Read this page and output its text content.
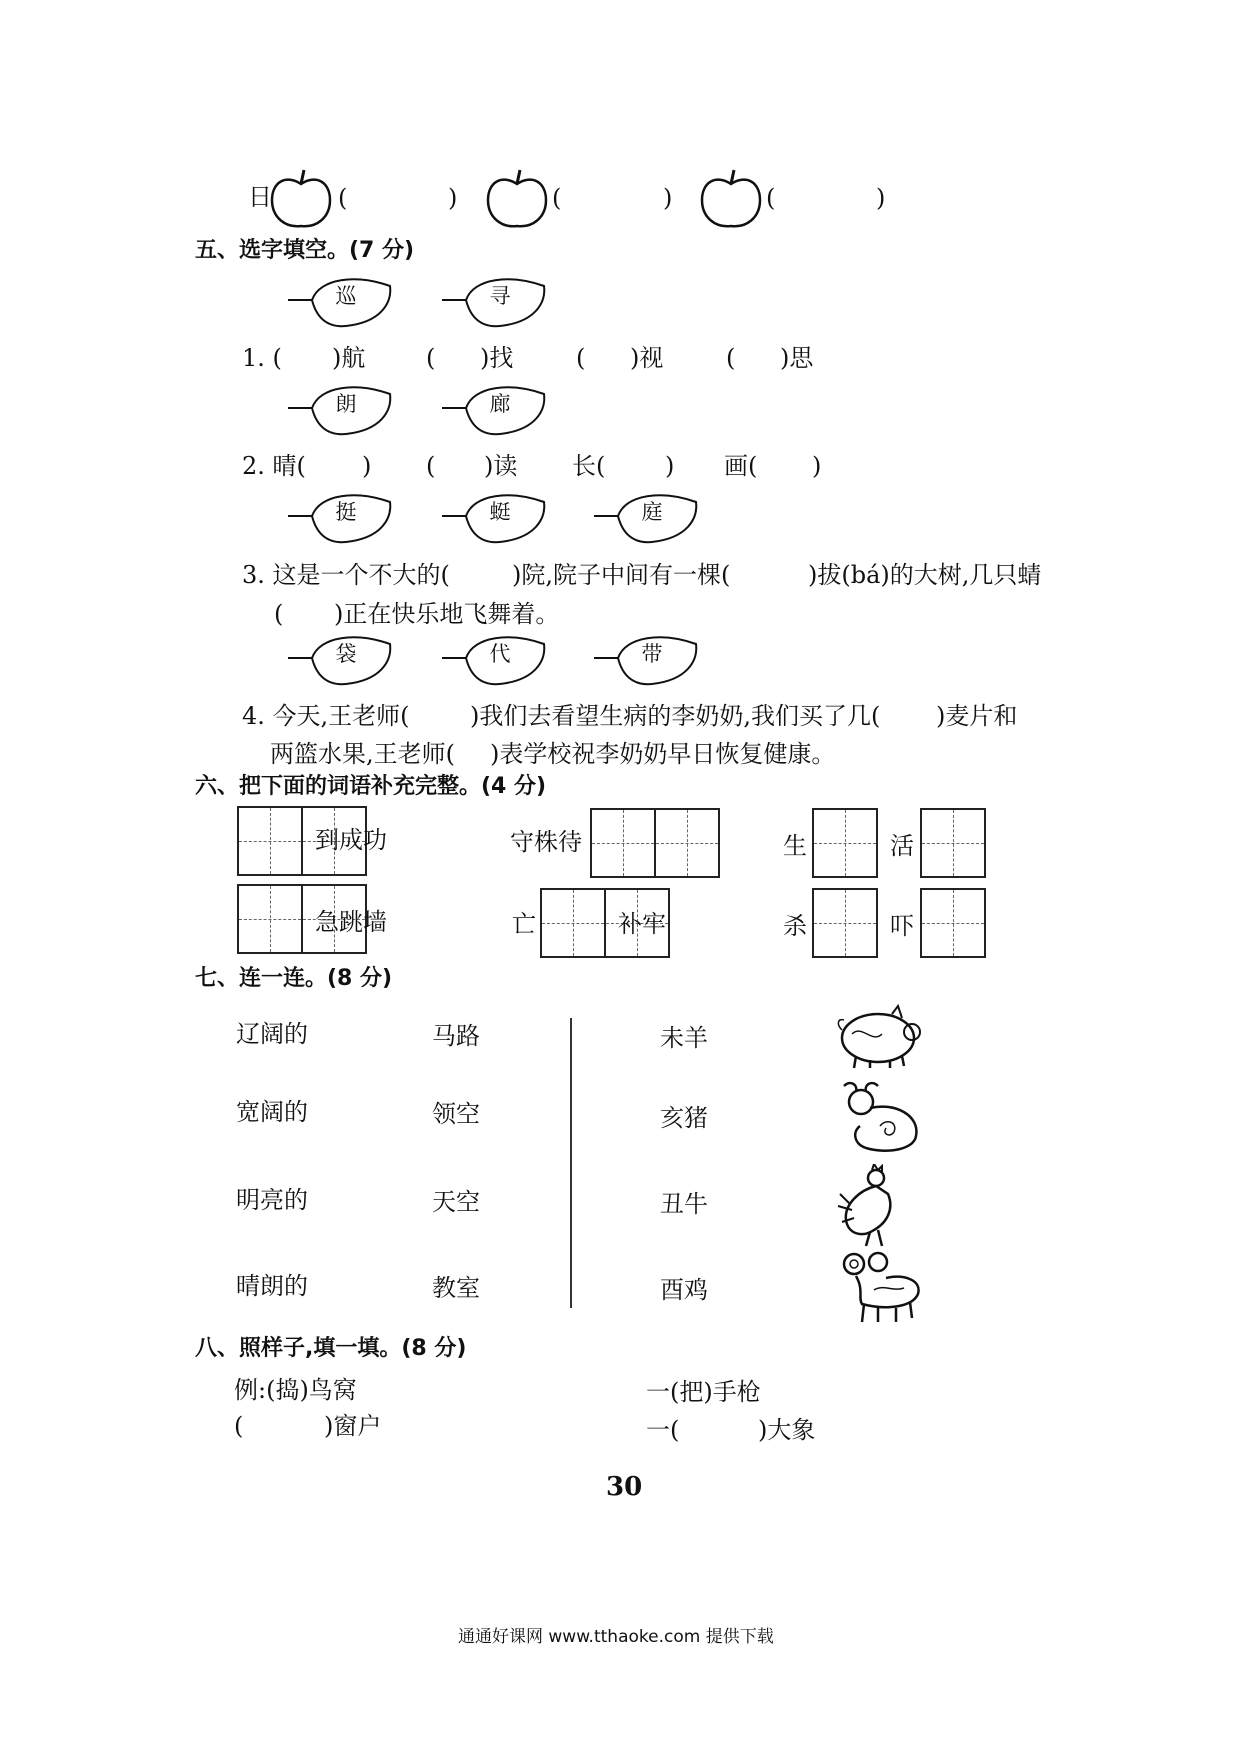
日	(	)	(	)	(	)
五、选字填空。(7 分)
巡	寻
1. ( )航	( )找	( )视	( )思
朗	廊
2. 晴( ) ( )读 长( ) 画( )
挺	蜓	庭
3. 这是一个不大的(	)院,院子中间有一棵(	)拔(bá)的大树,几只蜻
( )正在快乐地飞舞着。
袋	代	带
4. 今天,王老师(	)我们去看望生病的李奶奶,我们买了几( )麦片和
两篮水果,王老师( )表学校祝李奶奶早日恢复健康。
六、把下面的词语补充完整。(4 分)
到成功	守株待	生	活
急跳墙	亡	补牢	杀	吓
七、连一连。(8 分)
辽阔的
宽阔的
明亮的
晴朗的
马路
领空
天空
教室
未羊
亥猪
丑牛
酉鸡
八、照样子,填一填。(8 分)
例:(捣)鸟窝	一(把)手枪
(	)窗户	一(	)大象
30
通通好课网 www.tthaoke.com 提供下载
